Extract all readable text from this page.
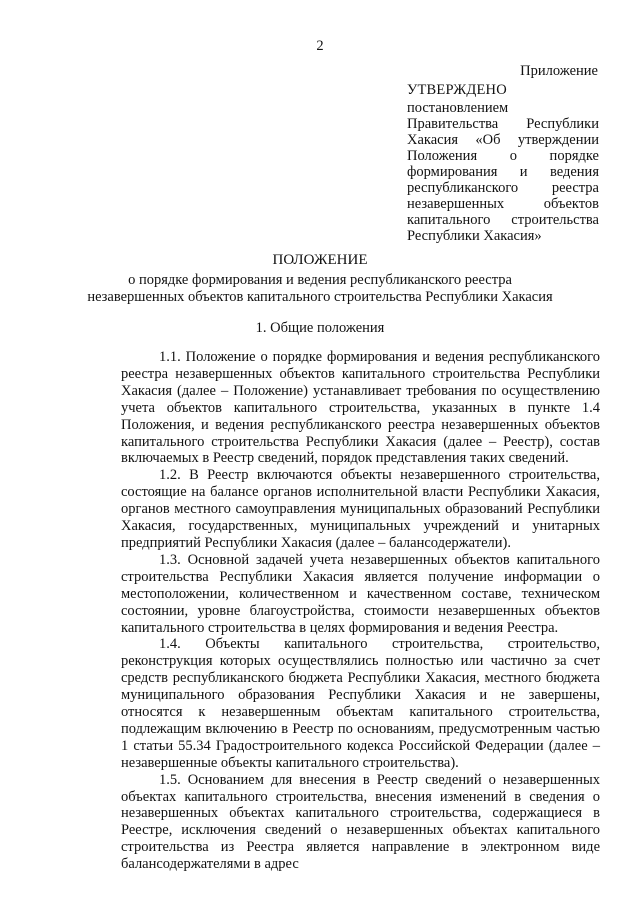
2
Приложение
УТВЕРЖДЕНО
постановлением Правительства Республики Хакасия «Об утверждении Положения о порядке формирования и ведения республиканского реестра незавершенных объектов капитального строительства Республики Хакасия»
ПОЛОЖЕНИЕ
о порядке формирования и ведения республиканского реестра
незавершенных объектов капитального строительства Республики Хакасия
1. Общие положения

1.1. Положение о порядке формирования и ведения республиканского реестра незавершенных объектов капитального строительства Республики Хакасия (далее – Положение) устанавливает требования по осуществлению учета объектов капитального строительства, указанных в пункте 1.4 Положения, и ведения республиканского реестра незавершенных объектов капитального строительства Республики Хакасия (далее – Реестр), состав включаемых в Реестр сведений, порядок представления таких сведений.

1.2. В Реестр включаются объекты незавершенного строительства, состоящие на балансе органов исполнительной власти Республики Хакасия, органов местного самоуправления муниципальных образований Республики Хакасия, государственных, муниципальных учреждений и унитарных предприятий Республики Хакасия (далее – балансодержатели).

1.3. Основной задачей учета незавершенных объектов капитального строительства Республики Хакасия является получение информации о местоположении, количественном и качественном составе, техническом состоянии, уровне благоустройства, стоимости незавершенных объектов капитального строительства в целях формирования и ведения Реестра.

1.4. Объекты капитального строительства, строительство, реконструкция которых осуществлялись полностью или частично за счет средств республиканского бюджета Республики Хакасия, местного бюджета муниципального образования Республики Хакасия и не завершены, относятся к незавершенным объектам капитального строительства, подлежащим включению в Реестр по основаниям, предусмотренным частью 1 статьи 55.34 Градостроительного кодекса Российской Федерации (далее – незавершенные объекты капитального строительства).

1.5. Основанием для внесения в Реестр сведений о незавершенных объектах капитального строительства, внесения изменений в сведения о незавершенных объектах капитального строительства, содержащиеся в Реестре, исключения сведений о незавершенных объектах капитального строительства из Реестра является направление в электронном виде балансодержателями в адрес
